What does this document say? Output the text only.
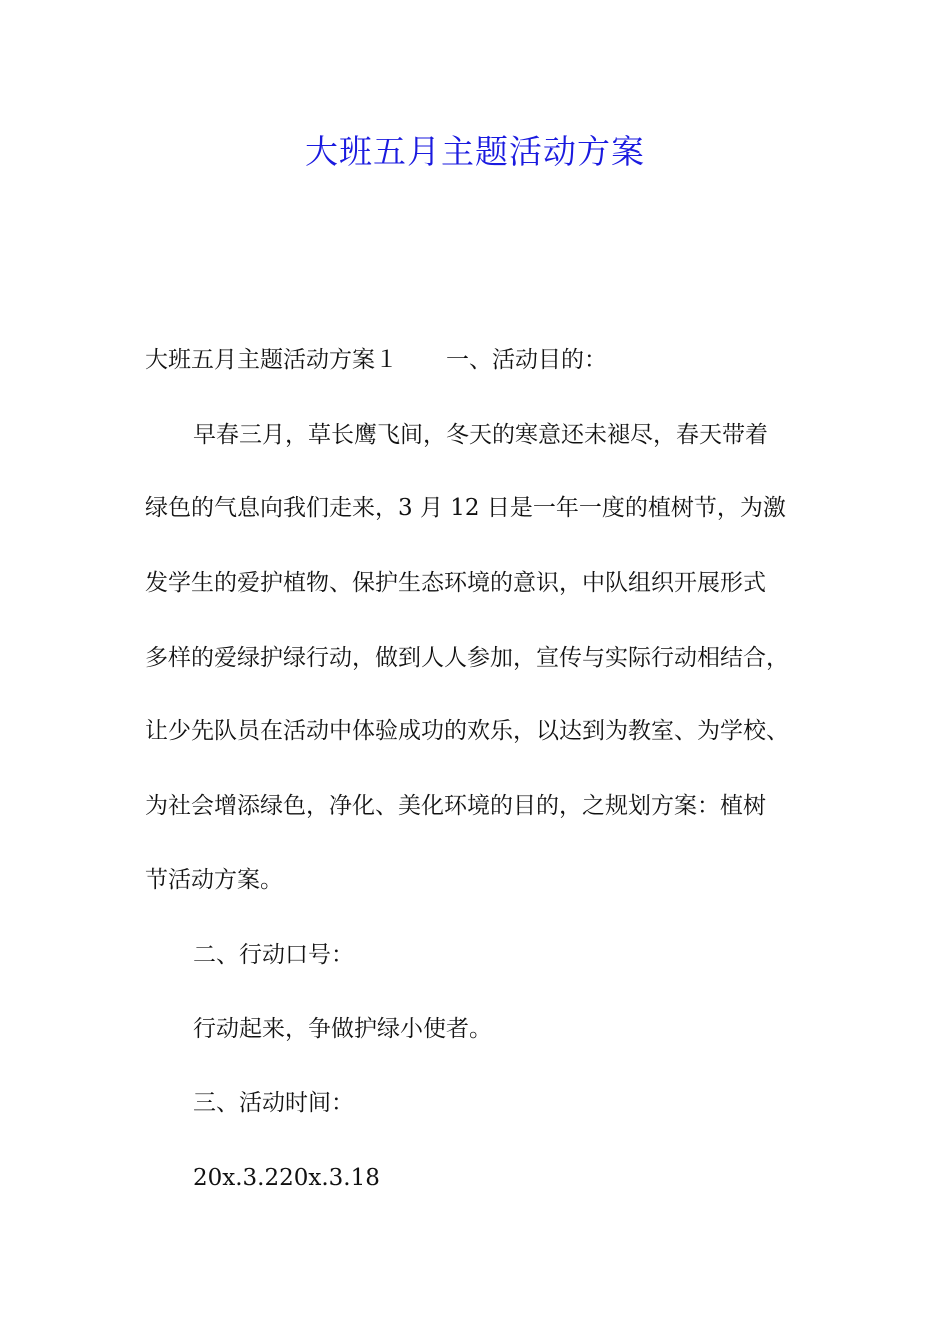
大班五月主题活动方案

大班五月主题活动方案１ 一、活动目的：

早春三月，草长鹰飞间，冬天的寒意还未褪尽，春天带着

绿色的气息向我们走来，3 月 12 日是一年一度的植树节，为激

发学生的爱护植物、保护生态环境的意识，中队组织开展形式

多样的爱绿护绿行动，做到人人参加，宣传与实际行动相结合，

让少先队员在活动中体验成功的欢乐，以达到为教室、为学校、

为社会增添绿色，净化、美化环境的目的，之规划方案：植树

节活动方案。

二、行动口号：

行动起来，争做护绿小使者。

三、活动时间：

20x.3.220x.3.18
